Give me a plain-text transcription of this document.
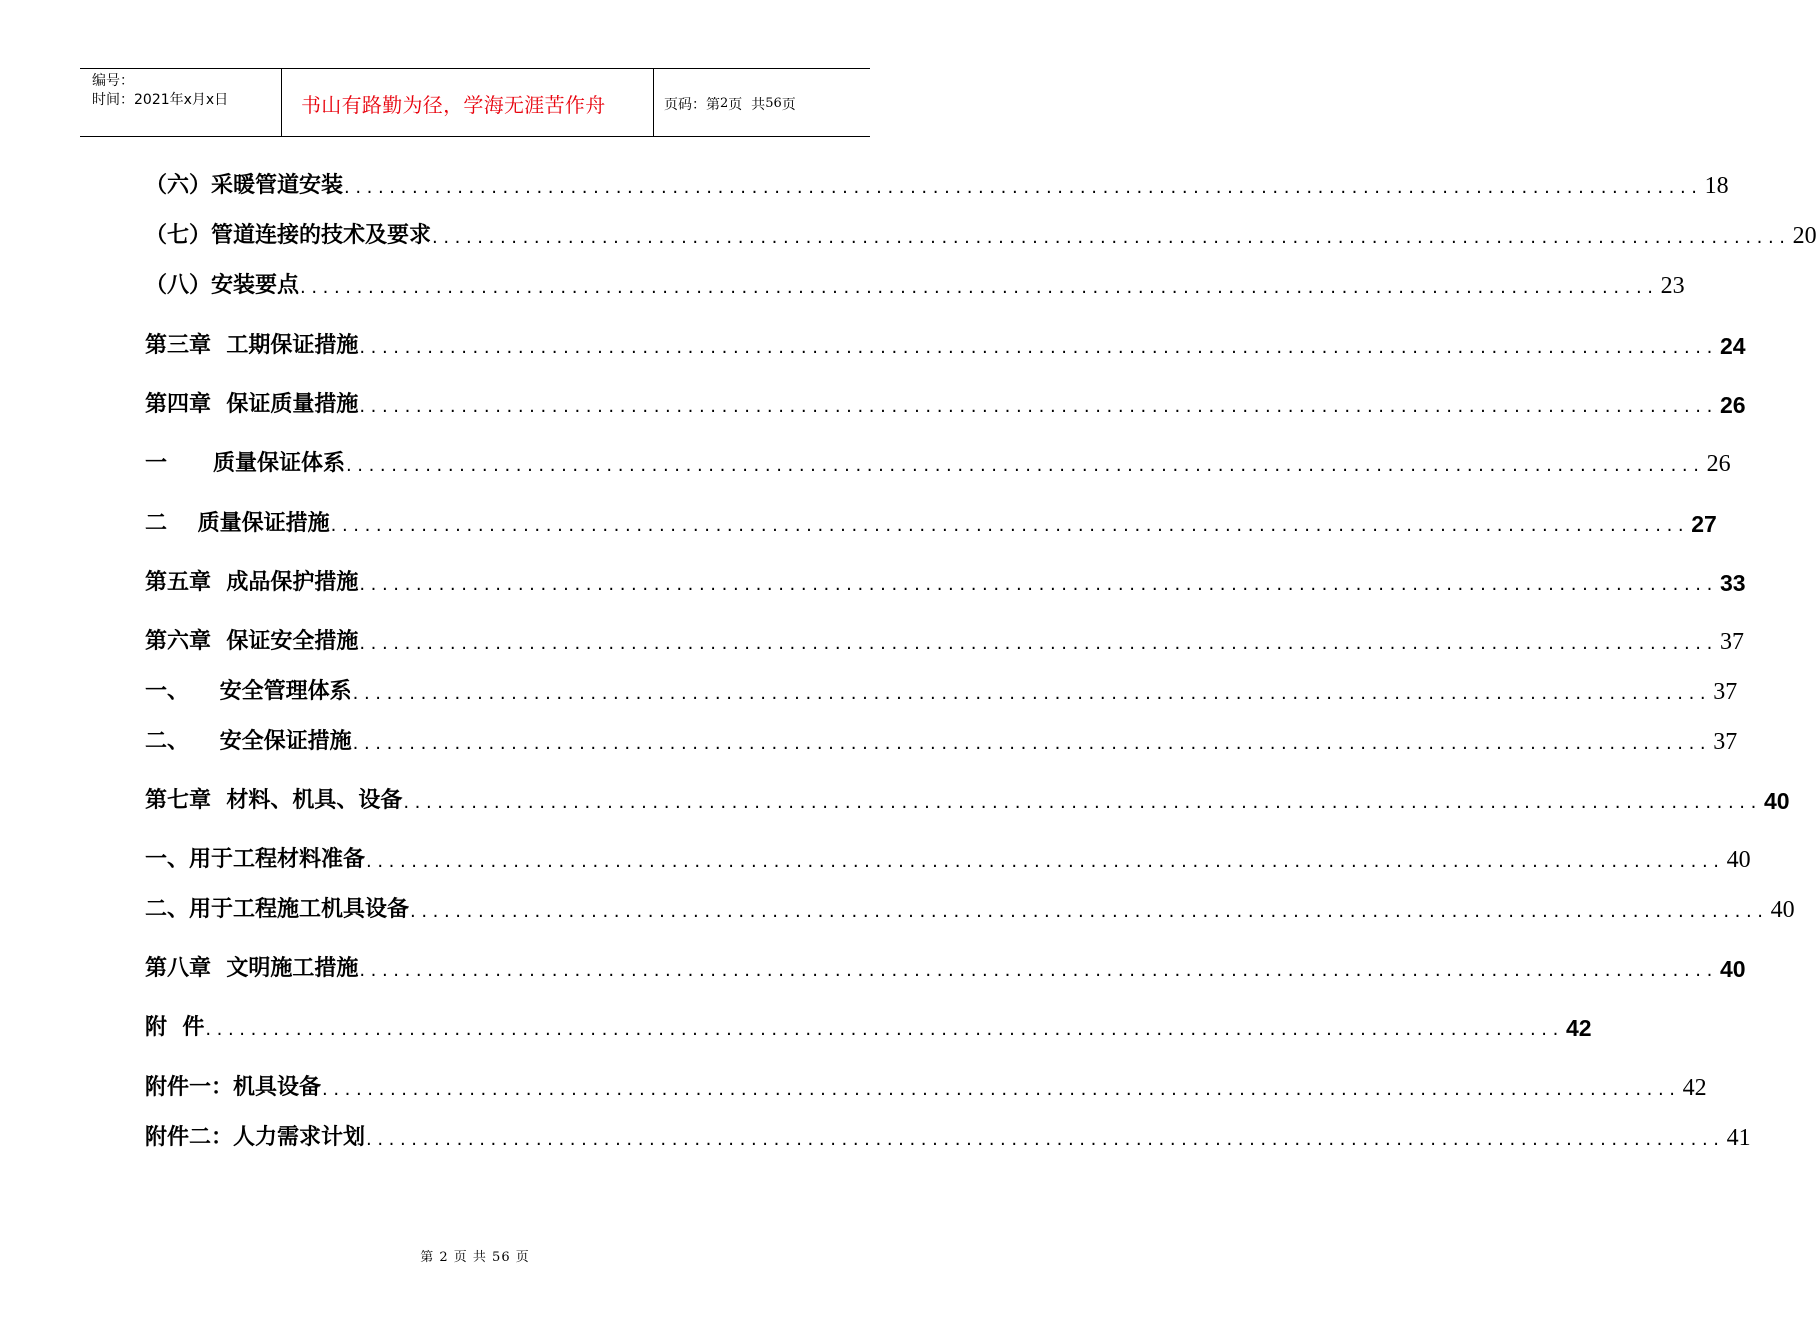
编号：
时间：2021年x月x日	书山有路勤为径，学海无涯苦作舟	页码：第 2 页  共 56 页
（六）采暖管道安装 ........................................................................................................................ 18
（七）管道连接的技术及要求 ........................................................................................................................ 20
（八）安装要点 ........................................................................................................................ 23
第三章  工期保证措施 ........................................................................................................................ 24
第四章  保证质量措施 ........................................................................................................................ 26
一      质量保证体系 ........................................................................................................................ 26
二    质量保证措施 ........................................................................................................................ 27
第五章  成品保护措施 ........................................................................................................................ 33
第六章  保证安全措施 ........................................................................................................................ 37
一、    安全管理体系 ........................................................................................................................ 37
二、    安全保证措施 ........................................................................................................................ 37
第七章  材料、机具、设备 ........................................................................................................................ 40
一、用于工程材料准备 ........................................................................................................................ 40
二、用于工程施工机具设备 ........................................................................................................................ 40
第八章  文明施工措施 ........................................................................................................................ 40
附  件 ........................................................................................................................ 42
附件一：机具设备 ........................................................................................................................ 42
附件二：人力需求计划 ........................................................................................................................ 41
第 2 页 共 56 页
